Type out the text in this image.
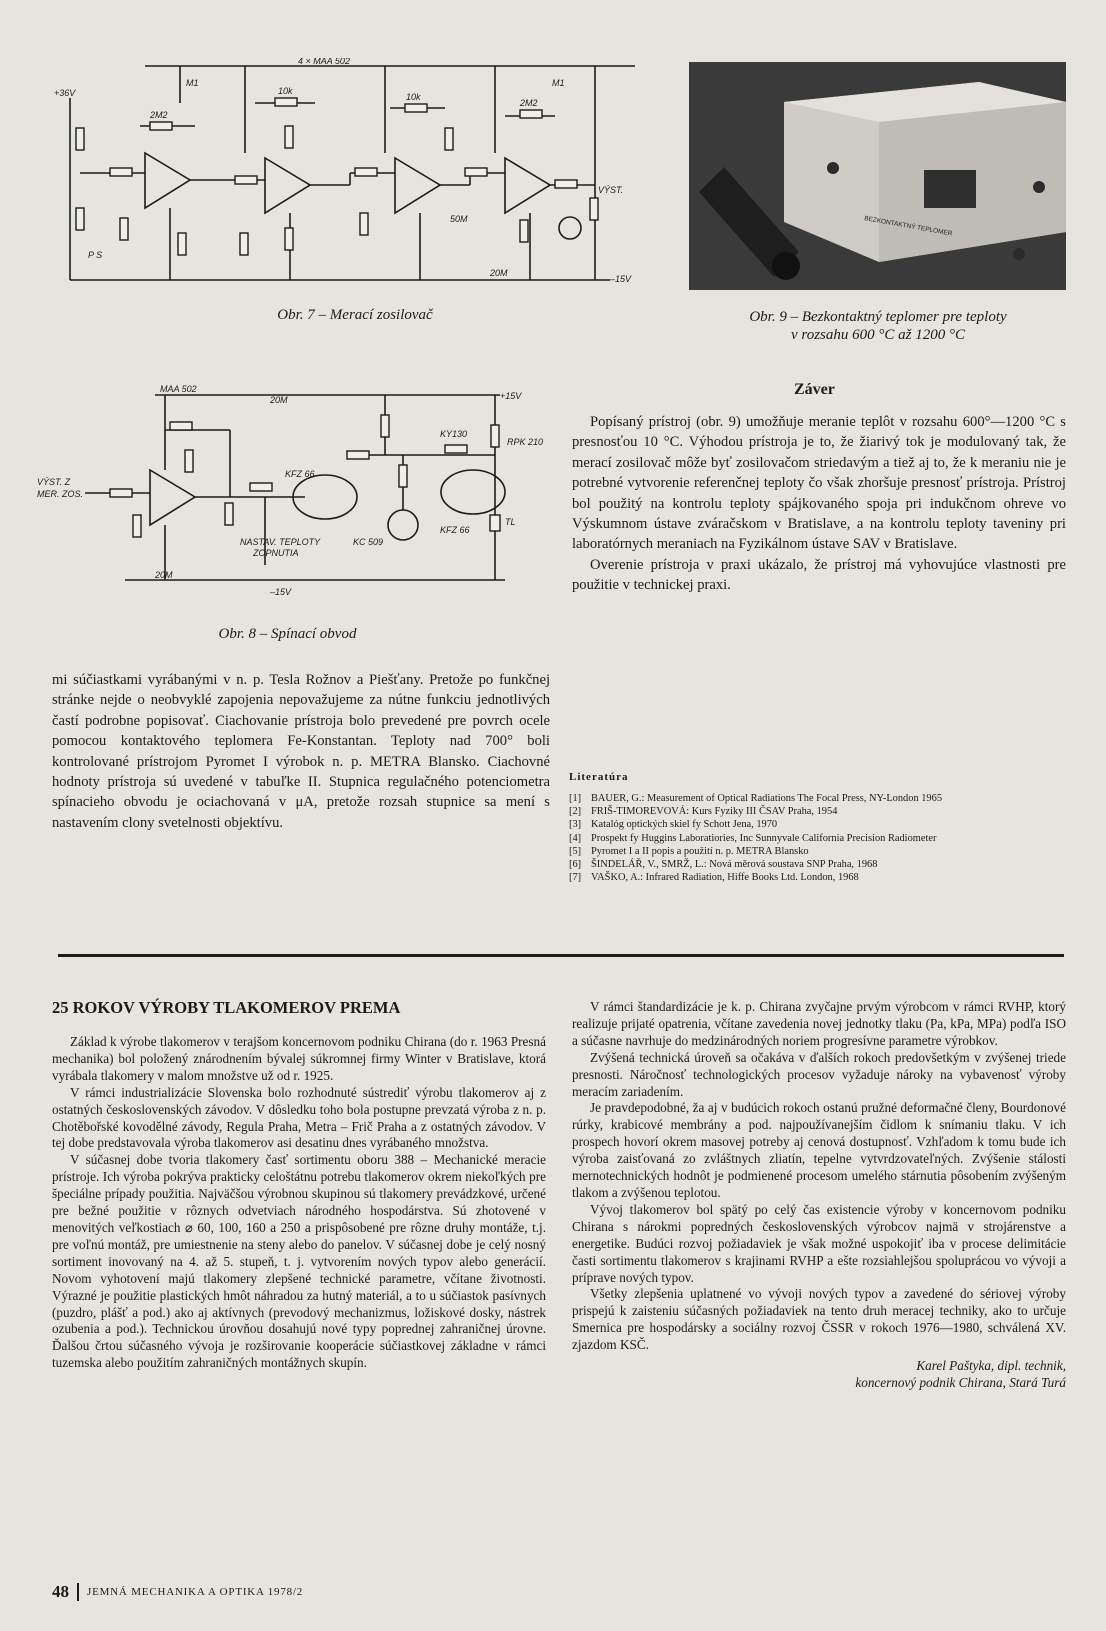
4 × MAA 502
+36V
2M2
10k
10k
2M2
VÝST.
–15V
P S
M1	M1
20M
50M
Obr. 7 – Merací zosilovač
BEZKONTAKTNÝ TEPLOMER
Obr. 9 – Bezkontaktný teplomer pre teploty
v rozsahu 600 °C až 1200 °C
MAA 502
+15V
VÝST. Z
MER. ZOS.
KFZ 66
KFZ 66
KC 509
NASTAV. TEPLOTY
ZOPNUTIA
RPK 210
KY130
TL
–15V
20M
20M
Obr. 8 – Spínací obvod
Záver

Popísaný prístroj (obr. 9) umožňuje meranie teplôt v rozsahu 600°—1200 °C s presnosťou 10 °C. Výhodou prístroja je to, že žiarivý tok je modulovaný tak, že merací zosilovač môže byť zosilovačom striedavým a tiež aj to, že k meraniu nie je potrebné vytvorenie referenčnej teploty čo však zhoršuje presnosť prístroja. Prístroj bol použitý na kontrolu teploty spájkovaného spoja pri indukčnom ohreve vo Výskumnom ústave zváračskom v Bratislave, a na kontrolu teploty taveniny pri laboratórnych meraniach na Fyzikálnom ústave SAV v Bratislave.

Overenie prístroja v praxi ukázalo, že prístroj má vyhovujúce vlastnosti pre použitie v technickej praxi.

mi súčiastkami vyrábanými v n. p. Tesla Rožnov a Piešťany. Pretože po funkčnej stránke nejde o neobvyklé zapojenia nepovažujeme za nútne funkciu jednotlivých častí podrobne popisovať. Ciachovanie prístroja bolo prevedené pre povrch ocele pomocou kontaktového teplomera Fe-Konstantan. Teploty nad 700° boli kontrolované prístrojom Pyromet I výrobok n. p. METRA Blansko. Ciachovné hodnoty prístroja sú uvedené v tabuľke II. Stupnica regulačného potenciometra spínacieho obvodu je ociachovaná v μA, pretože rozsah stupnice sa mení s nastavením clony svetelnosti objektívu.

Literatúra
[1] BAUER, G.: Measurement of Optical Radiations The Focal Press, NY-London 1965
[2] FRIŠ-TIMOREVOVÁ: Kurs Fyziky III ČSAV Praha, 1954
[3] Katalóg optických skiel fy Schott Jena, 1970
[4] Prospekt fy Huggins Laboratiories, Inc Sunnyvale California Precision Radiometer
[5] Pyromet I a II popis a použití n. p. METRA Blansko
[6] ŠINDELÁŘ, V., SMRŽ, L.: Nová měrová soustava SNP Praha, 1968
[7] VAŠKO, A.: Infrared Radiation, Hiffe Books Ltd. London, 1968
25 ROKOV VÝROBY TLAKOMEROV PREMA

Základ k výrobe tlakomerov v terajšom koncernovom podniku Chirana (do r. 1963 Presná mechanika) bol položený znárodnením bývalej súkromnej firmy Winter v Bratislave, ktorá vyrábala tlakomery v malom množstve už od r. 1925.

V rámci industrializácie Slovenska bolo rozhodnuté sústrediť výrobu tlakomerov aj z ostatných československých závodov. V dôsledku toho bola postupne prevzatá výroba z n. p. Chotěbořské kovodělné závody, Regula Praha, Metra – Frič Praha a z ostatných závodov. V tej dobe predstavovala výroba tlakomerov asi desatinu dnes vyrábaného množstva.

V súčasnej dobe tvoria tlakomery časť sortimentu oboru 388 – Mechanické meracie prístroje. Ich výroba pokrýva prakticky celoštátnu potrebu tlakomerov okrem niekoľkých pre špeciálne prípady použitia. Najväčšou výrobnou skupinou sú tlakomery prevádzkové, určené pre bežné použitie v rôznych odvetviach národného hospodárstva. Sú zhotovené v menovitých veľkostiach ⌀ 60, 100, 160 a 250 a prispôsobené pre rôzne druhy montáže, t.j. pre voľnú montáž, pre umiestnenie na steny alebo do panelov. V súčasnej dobe je celý nosný sortiment inovovaný na 4. až 5. stupeň, t. j. vytvorením nových typov alebo generácií. Novom vyhotovení majú tlakomery zlepšené technické parametre, včítane životnosti. Výrazné je použitie plastických hmôt náhradou za hutný materiál, a to u súčiastok pasívnych (puzdro, plášť a pod.) ako aj aktívnych (prevodový mechanizmus, ložiskové dosky, nástrek ozubenia a pod.). Technickou úrovňou dosahujú nové typy poprednej zahraničnej úrovne. Ďalšou črtou súčasného vývoja je rozširovanie kooperácie súčiastkovej základne v rámci tuzemska alebo použitím zahraničných montážnych skupín.

V rámci štandardizácie je k. p. Chirana zvyčajne prvým výrobcom v rámci RVHP, ktorý realizuje prijaté opatrenia, včítane zavedenia novej jednotky tlaku (Pa, kPa, MPa) podľa ISO a súčasne navrhuje do medzinárodných noriem progresívne parametre výrobkov.

Zvýšená technická úroveň sa očakáva v ďalších rokoch predovšetkým v zvýšenej triede presnosti. Náročnosť technologických procesov vyžaduje nároky na vybavenosť výroby meracím zariadením.

Je pravdepodobné, ža aj v budúcich rokoch ostanú pružné deformačné členy, Bourdonové rúrky, krabicové membrány a pod. najpoužívanejším čidlom k snímaniu tlaku. V ich prospech hovorí okrem masovej potreby aj cenová dostupnosť. Vzhľadom k tomu bude ich výroba zaisťovaná zo zvláštnych zliatín, tepelne vytvrdzovateľných. Zvýšenie stálosti mernotechnických hodnôt je podmienené procesom umelého stárnutia pôsobením zvýšeným tlakom a zvýšenou teplotou.

Vývoj tlakomerov bol spätý po celý čas existencie výroby v koncernovom podniku Chirana s nárokmi popredných československých výrobcov najmä v strojárenstve a energetike. Budúci rozvoj požiadaviek je však možné uspokojiť iba v procese delimitácie časti sortimentu tlakomerov s krajinami RVHP a ešte rozsiahlejšou spoluprácou vo vývoji a príprave nových typov.

Všetky zlepšenia uplatnené vo vývoji nových typov a zavedené do sériovej výroby prispejú k zaisteniu súčasných požiadaviek na tento druh meracej techniky, ako to určuje Smernica pre hospodársky a sociálny rozvoj ČSSR v rokoch 1976—1980, schválená XV. zjazdom KSČ.

Karel Paštyka, dipl. technik,
koncernový podnik Chirana, Stará Turá
48 JEMNÁ MECHANIKA A OPTIKA 1978/2
